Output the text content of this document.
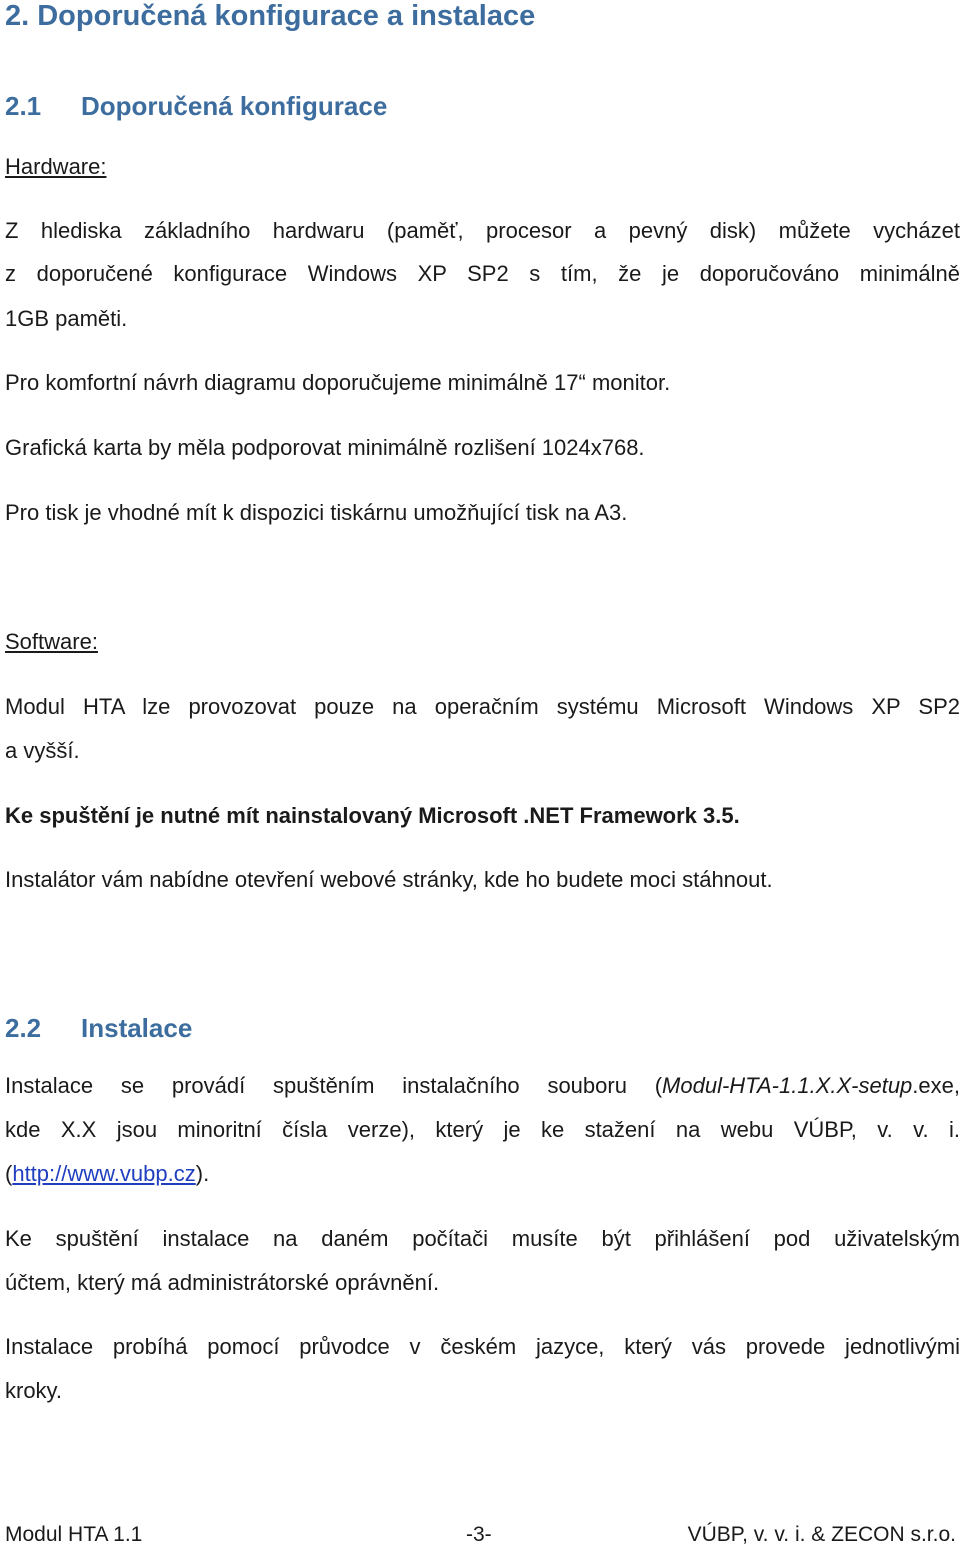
2. Doporučená konfigurace a instalace
2.1 Doporučená konfigurace
Hardware:
Z hlediska základního hardwaru (paměť, procesor a pevný disk) můžete vycházet
z doporučené konfigurace Windows XP SP2 s tím, že je doporučováno minimálně
1GB paměti.
Pro komfortní návrh diagramu doporučujeme minimálně 17“ monitor.
Grafická karta by měla podporovat minimálně rozlišení 1024x768.
Pro tisk je vhodné mít k dispozici tiskárnu umožňující tisk na A3.
Software:
Modul HTA lze provozovat pouze na operačním systému Microsoft Windows XP SP2
a vyšší.
Ke spuštění je nutné mít nainstalovaný Microsoft .NET Framework 3.5.
Instalátor vám nabídne otevření webové stránky, kde ho budete moci stáhnout.
2.2 Instalace
Instalace se provádí spuštěním instalačního souboru (Modul-HTA-1.1.X.X-setup.exe,
kde X.X jsou minoritní čísla verze), který je ke stažení na webu VÚBP, v. v. i.
(http://www.vubp.cz).
Ke spuštění instalace na daném počítači musíte být přihlášení pod uživatelským
účtem, který má administrátorské oprávnění.
Instalace probíhá pomocí průvodce v českém jazyce, který vás provede jednotlivými
kroky.
Modul HTA 1.1	-3-	VÚBP, v. v. i. & ZECON s.r.o.
